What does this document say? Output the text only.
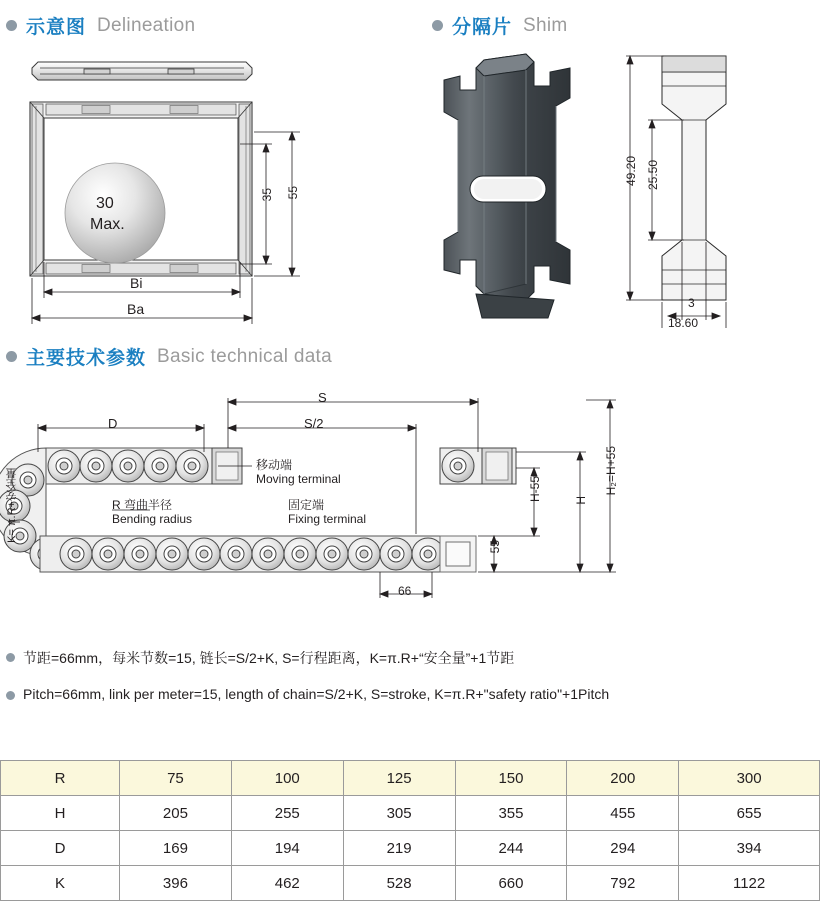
示意图 Delineation	分隔片 Shim
30
Max.
35 55
Bi
Ba
49.20 25.50
3
18.60
主要技术参数 Basic technical data
S
S/2
D
66
55
H-55	H
H₂=H+55
K= π.R+安全量
移动端
Moving terminal
R 弯曲半径
Bending radius
固定端
Fixing terminal
节距=66mm，每米节数=15, 链长=S/2+K, S=行程距离，K=π.R+“安全量”+1节距
Pitch=66mm, link per meter=15, length of chain=S/2+K, S=stroke, K=π.R+"safety ratio"+1Pitch
R	75	100	125	150	200	300
H	205	255	305	355	455	655
D	169	194	219	244	294	394
K	396	462	528	660	792	1122
